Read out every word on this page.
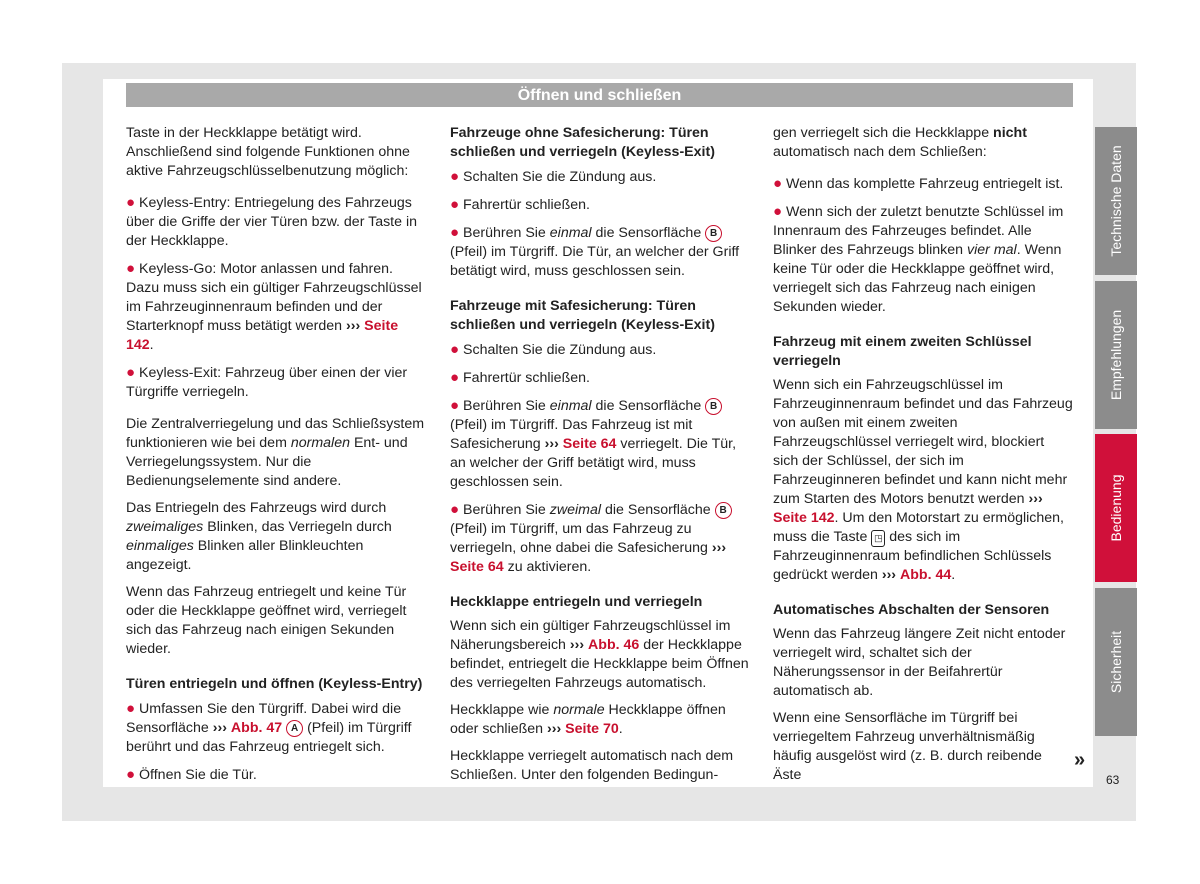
Öffnen und schließen

Taste in der Heckklappe betätigt wird. Anschließend sind folgende Funktionen ohne aktive Fahrzeugschlüsselbenutzung möglich:

● Keyless-Entry: Entriegelung des Fahrzeugs über die Griffe der vier Türen bzw. der Taste in der Heckklappe.

● Keyless-Go: Motor anlassen und fahren. Dazu muss sich ein gültiger Fahrzeugschlüssel im Fahrzeuginnenraum befinden und der Starterknopf muss betätigt werden ››› Seite 142.

● Keyless-Exit: Fahrzeug über einen der vier Türgriffe verriegeln.

Die Zentralverriegelung und das Schließsystem funktionieren wie bei dem normalen Ent- und Verriegelungssystem. Nur die Bedienungselemente sind andere.

Das Entriegeln des Fahrzeugs wird durch zweimaliges Blinken, das Verriegeln durch einmaliges Blinken aller Blinkleuchten angezeigt.

Wenn das Fahrzeug entriegelt und keine Tür oder die Heckklappe geöffnet wird, verriegelt sich das Fahrzeug nach einigen Sekunden wieder.

Türen entriegeln und öffnen (Keyless-Entry)

● Umfassen Sie den Türgriff. Dabei wird die Sensorfläche ››› Abb. 47 A (Pfeil) im Türgriff berührt und das Fahrzeug entriegelt sich.

● Öffnen Sie die Tür.

Fahrzeuge ohne Safesicherung: Türen schließen und verriegeln (Keyless-Exit)

● Schalten Sie die Zündung aus.

● Fahrertür schließen.

● Berühren Sie einmal die Sensorfläche B (Pfeil) im Türgriff. Die Tür, an welcher der Griff betätigt wird, muss geschlossen sein.

Fahrzeuge mit Safesicherung: Türen schließen und verriegeln (Keyless-Exit)

● Schalten Sie die Zündung aus.

● Fahrertür schließen.

● Berühren Sie einmal die Sensorfläche B (Pfeil) im Türgriff. Das Fahrzeug ist mit Safesicherung ››› Seite 64 verriegelt. Die Tür, an welcher der Griff betätigt wird, muss geschlossen sein.

● Berühren Sie zweimal die Sensorfläche B (Pfeil) im Türgriff, um das Fahrzeug zu verriegeln, ohne dabei die Safesicherung ››› Seite 64 zu aktivieren.

Heckklappe entriegeln und verriegeln

Wenn sich ein gültiger Fahrzeugschlüssel im Näherungsbereich ››› Abb. 46 der Heckklappe befindet, entriegelt die Heckklappe beim Öffnen des verriegelten Fahrzeugs automatisch.

Heckklappe wie normale Heckklappe öffnen oder schließen ››› Seite 70.

Heckklappe verriegelt automatisch nach dem Schließen. Unter den folgenden Bedingun-

gen verriegelt sich die Heckklappe nicht automatisch nach dem Schließen:

● Wenn das komplette Fahrzeug entriegelt ist.

● Wenn sich der zuletzt benutzte Schlüssel im Innenraum des Fahrzeuges befindet. Alle Blinker des Fahrzeugs blinken vier mal. Wenn keine Tür oder die Heckklappe geöffnet wird, verriegelt sich das Fahrzeug nach einigen Sekunden wieder.

Fahrzeug mit einem zweiten Schlüssel verriegeln

Wenn sich ein Fahrzeugschlüssel im Fahrzeuginnenraum befindet und das Fahrzeug von außen mit einem zweiten Fahrzeugschlüssel verriegelt wird, blockiert sich der Schlüssel, der sich im Fahrzeuginneren befindet und kann nicht mehr zum Starten des Motors benutzt werden ››› Seite 142. Um den Motorstart zu ermöglichen, muss die Taste ◳ des sich im Fahrzeuginnenraum befindlichen Schlüssels gedrückt werden ››› Abb. 44.

Automatisches Abschalten der Sensoren

Wenn das Fahrzeug längere Zeit nicht entoder verriegelt wird, schaltet sich der Näherungssensor in der Beifahrertür automatisch ab.

Wenn eine Sensorfläche im Türgriff bei verriegeltem Fahrzeug unverhältnismäßig häufig ausgelöst wird (z. B. durch reibende Äste

Technische Daten
Empfehlungen
Bedienung
Sicherheit
»
63
